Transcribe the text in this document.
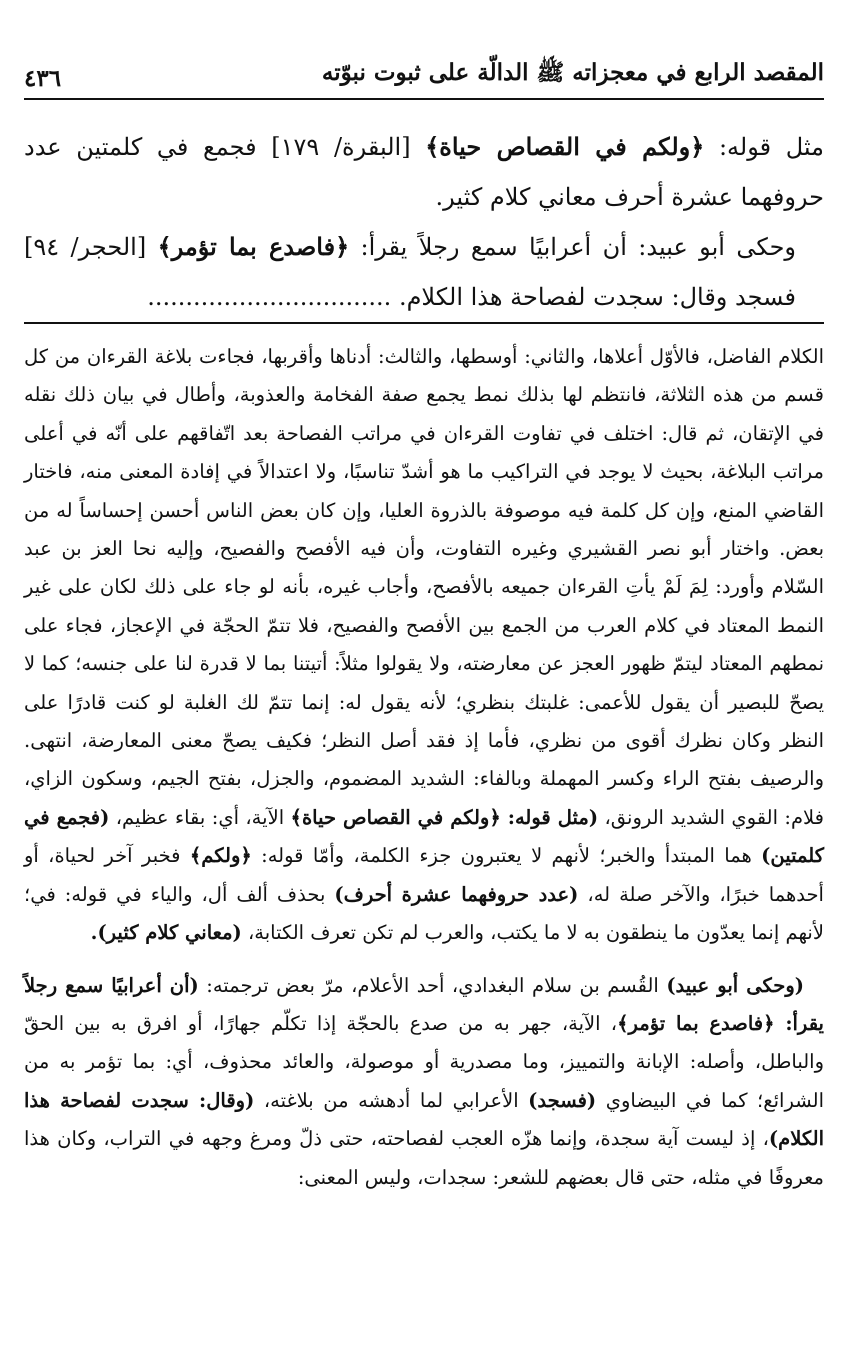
المقصد الرابع في معجزاته ﷺ الدالّة على ثبوت نبوّته
٤٣٦

مثل قوله: ﴿ولكم في القصاص حياة﴾ [البقرة/ ١٧٩] فجمع في كلمتين عدد حروفهما عشرة أحرف معاني كلام كثير.

وحكى أبو عبيد: أن أعرابيًا سمع رجلاً يقرأ: ﴿فاصدع بما تؤمر﴾ [الحجر/ ٩٤] فسجد وقال: سجدت لفصاحة هذا الكلام. ................................

الكلام الفاضل، فالأوّل أعلاها، والثاني: أوسطها، والثالث: أدناها وأقربها، فجاءت بلاغة القرءان من كل قسم من هذه الثلاثة، فانتظم لها بذلك نمط يجمع صفة الفخامة والعذوبة، وأطال في بيان ذلك نقله في الإتقان، ثم قال: اختلف في تفاوت القرءان في مراتب الفصاحة بعد اتّفاقهم على أنّه في أعلى مراتب البلاغة، بحيث لا يوجد في التراكيب ما هو أشدّ تناسبًا، ولا اعتدالاً في إفادة المعنى منه، فاختار القاضي المنع، وإن كل كلمة فيه موصوفة بالذروة العليا، وإن كان بعض الناس أحسن إحساساً له من بعض. واختار أبو نصر القشيري وغيره التفاوت، وأن فيه الأفصح والفصيح، وإليه نحا العز بن عبد السّلام وأورد: لِمَ لَمْ يأتِ القرءان جميعه بالأفصح، وأجاب غيره، بأنه لو جاء على ذلك لكان على غير النمط المعتاد في كلام العرب من الجمع بين الأفصح والفصيح، فلا تتمّ الحجّة في الإعجاز، فجاء على نمطهم المعتاد ليتمّ ظهور العجز عن معارضته، ولا يقولوا مثلاً: أتيتنا بما لا قدرة لنا على جنسه؛ كما لا يصحّ للبصير أن يقول للأعمى: غلبتك بنظري؛ لأنه يقول له: إنما تتمّ لك الغلبة لو كنت قادرًا على النظر وكان نظرك أقوى من نظري، فأما إذ فقد أصل النظر؛ فكيف يصحّ معنى المعارضة، انتهى. والرصيف بفتح الراء وكسر المهملة وبالفاء: الشديد المضموم، والجزل، بفتح الجيم، وسكون الزاي، فلام: القوي الشديد الرونق، (مثل قوله: ﴿ولكم في القصاص حياة﴾ الآية، أي: بقاء عظيم، (فجمع في كلمتين) هما المبتدأ والخبر؛ لأنهم لا يعتبرون جزء الكلمة، وأمّا قوله: ﴿ولكم﴾ فخبر آخر لحياة، أو أحدهما خبرًا، والآخر صلة له، (عدد حروفهما عشرة أحرف) بحذف ألف أل، والياء في قوله: في؛ لأنهم إنما يعدّون ما ينطقون به لا ما يكتب، والعرب لم تكن تعرف الكتابة، (معاني كلام كثير).

(وحكى أبو عبيد) القُسم بن سلام البغدادي، أحد الأعلام، مرّ بعض ترجمته: (أن أعرابيًا سمع رجلاً يقرأ: ﴿فاصدع بما تؤمر﴾، الآية، جهر به من صدع بالحجّة إذا تكلّم جهارًا، أو افرق به بين الحقّ والباطل، وأصله: الإبانة والتمييز، وما مصدرية أو موصولة، والعائد محذوف، أي: بما تؤمر به من الشرائع؛ كما في البيضاوي (فسجد) الأعرابي لما أدهشه من بلاغته، (وقال: سجدت لفصاحة هذا الكلام)، إذ ليست آية سجدة، وإنما هزّه العجب لفصاحته، حتى ذلّ ومرغ وجهه في التراب، وكان هذا معروفًا في مثله، حتى قال بعضهم للشعر: سجدات، وليس المعنى:
